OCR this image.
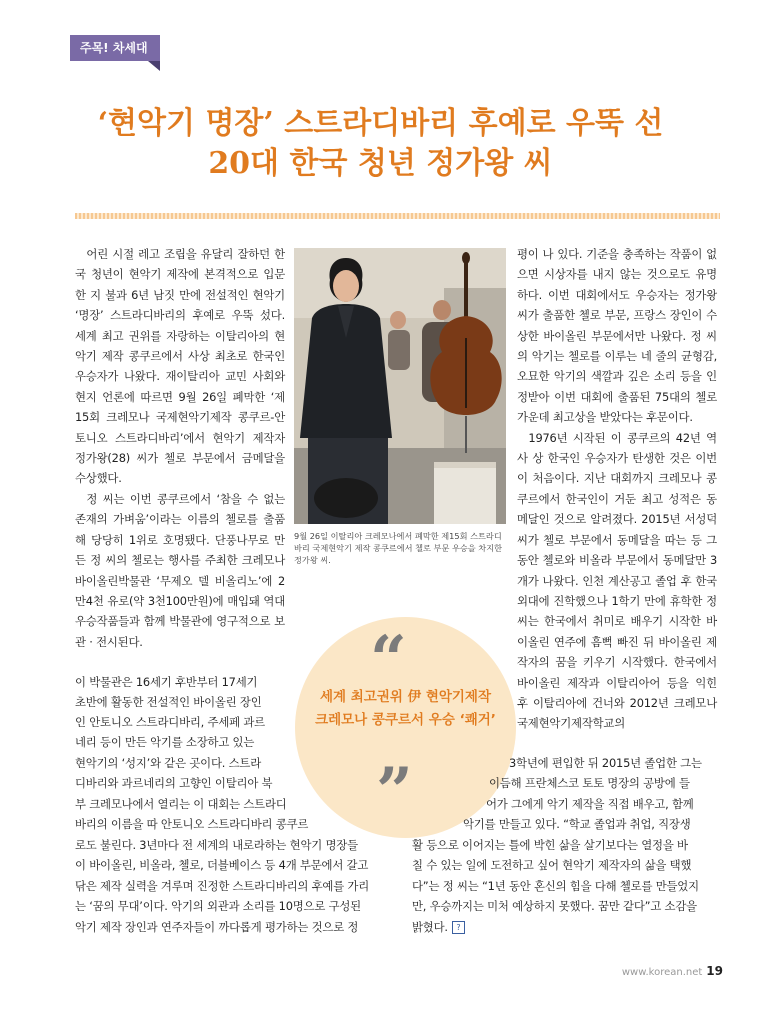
주목! 차세대
‘현악기 명장’ 스트라디바리 후예로 우뚝 선
20대 한국 청년 정가왕 씨

어린 시절 레고 조립을 유달리 잘하던 한국 청년이 현악기 제작에 본격적으로 입문한 지 불과 6년 남짓 만에 전설적인 현악기 ‘명장’ 스트라디바리의 후예로 우뚝 섰다. 세계 최고 권위를 자랑하는 이탈리아의 현악기 제작 콩쿠르에서 사상 최초로 한국인 우승자가 나왔다. 재이탈리아 교민 사회와 현지 언론에 따르면 9월 26일 폐막한 ‘제15회 크레모나 국제현악기제작 콩쿠르-안토니오 스트라디바리’에서 현악기 제작자 정가왕(28) 씨가 첼로 부문에서 금메달을 수상했다.

정 씨는 이번 콩쿠르에서 ‘참을 수 없는 존재의 가벼움’이라는 이름의 첼로를 출품해 당당히 1위로 호명됐다. 단풍나무로 만든 정 씨의 첼로는 행사를 주최한 크레모나 바이올린박물관 ‘무제오 델 비올리노’에 2만4천 유로(약 3천100만원)에 매입돼 역대 우승작품들과 함께 박물관에 영구적으로 보관 · 전시된다.

이 박물관은 16세기 후반부터 17세기
초반에 활동한 전설적인 바이올린 장인
인 안토니오 스트라디바리, 주세페 과르
네리 등이 만든 악기를 소장하고 있는
현악기의 ‘성지’와 같은 곳이다. 스트라
디바리와 과르네리의 고향인 이탈리아 북
부 크레모나에서 열리는 이 대회는 스트라디
바리의 이름을 따 안토니오 스트라디바리 콩쿠르
로도 불린다. 3년마다 전 세계의 내로라하는 현악기 명장들
이 바이올린, 비올라, 첼로, 더블베이스 등 4개 부문에서 갈고
닦은 제작 실력을 겨루며 진정한 스트라디바리의 후예를 가리
는 ‘꿈의 무대’이다. 악기의 외관과 소리를 10명으로 구성된
악기 제작 장인과 연주자들이 까다롭게 평가하는 것으로 정

9월 26일 이탈리아 크레모나에서 폐막한 제15회 스트라디바리 국제현악기 제작 콩쿠르에서 첼로 부문 우승을 차지한 정가왕 씨.

“

세계 최고권위 伊 현악기제작
크레모나 콩쿠르서 우승 ‘쾌거’

”

평이 나 있다. 기준을 충족하는 작품이 없으면 시상자를 내지 않는 것으로도 유명하다. 이번 대회에서도 우승자는 정가왕 씨가 출품한 첼로 부문, 프랑스 장인이 수상한 바이올린 부문에서만 나왔다. 정 씨의 악기는 첼로를 이루는 네 줄의 균형감, 오묘한 악기의 색깔과 깊은 소리 등을 인정받아 이번 대회에 출품된 75대의 첼로 가운데 최고상을 받았다는 후문이다.

1976년 시작된 이 콩쿠르의 42년 역사 상 한국인 우승자가 탄생한 것은 이번이 처음이다. 지난 대회까지 크레모나 콩쿠르에서 한국인이 거둔 최고 성적은 동메달인 것으로 알려졌다. 2015년 서성덕 씨가 첼로 부문에서 동메달을 따는 등 그동안 첼로와 비올라 부문에서 동메달만 3개가 나왔다. 인천 계산공고 졸업 후 한국외대에 진학했으나 1학기 만에 휴학한 정 씨는 한국에서 취미로 배우기 시작한 바이올린 연주에 흠뻑 빠진 뒤 바이올린 제작자의 꿈을 키우기 시작했다. 한국에서 바이올린 제작과 이탈리아어 등을 익힌 후 이탈리아에 건너와 2012년 크레모나 국제현악기제작학교의

3학년에 편입한 뒤 2015년 졸업한 그는
이듬해 프란체스코 토토 명장의 공방에 들
어가 그에게 악기 제작을 직접 배우고, 함께
악기를 만들고 있다. “학교 졸업과 취업, 직장생
활 등으로 이어지는 틀에 박힌 삶을 살기보다는 열정을 바
칠 수 있는 일에 도전하고 싶어 현악기 제작자의 삶을 택했
다”는 정 씨는 “1년 동안 혼신의 힘을 다해 첼로를 만들었지
만, 우승까지는 미처 예상하지 못했다. 꿈만 같다”고 소감을
밝혔다. ?
www.korean.net 19
